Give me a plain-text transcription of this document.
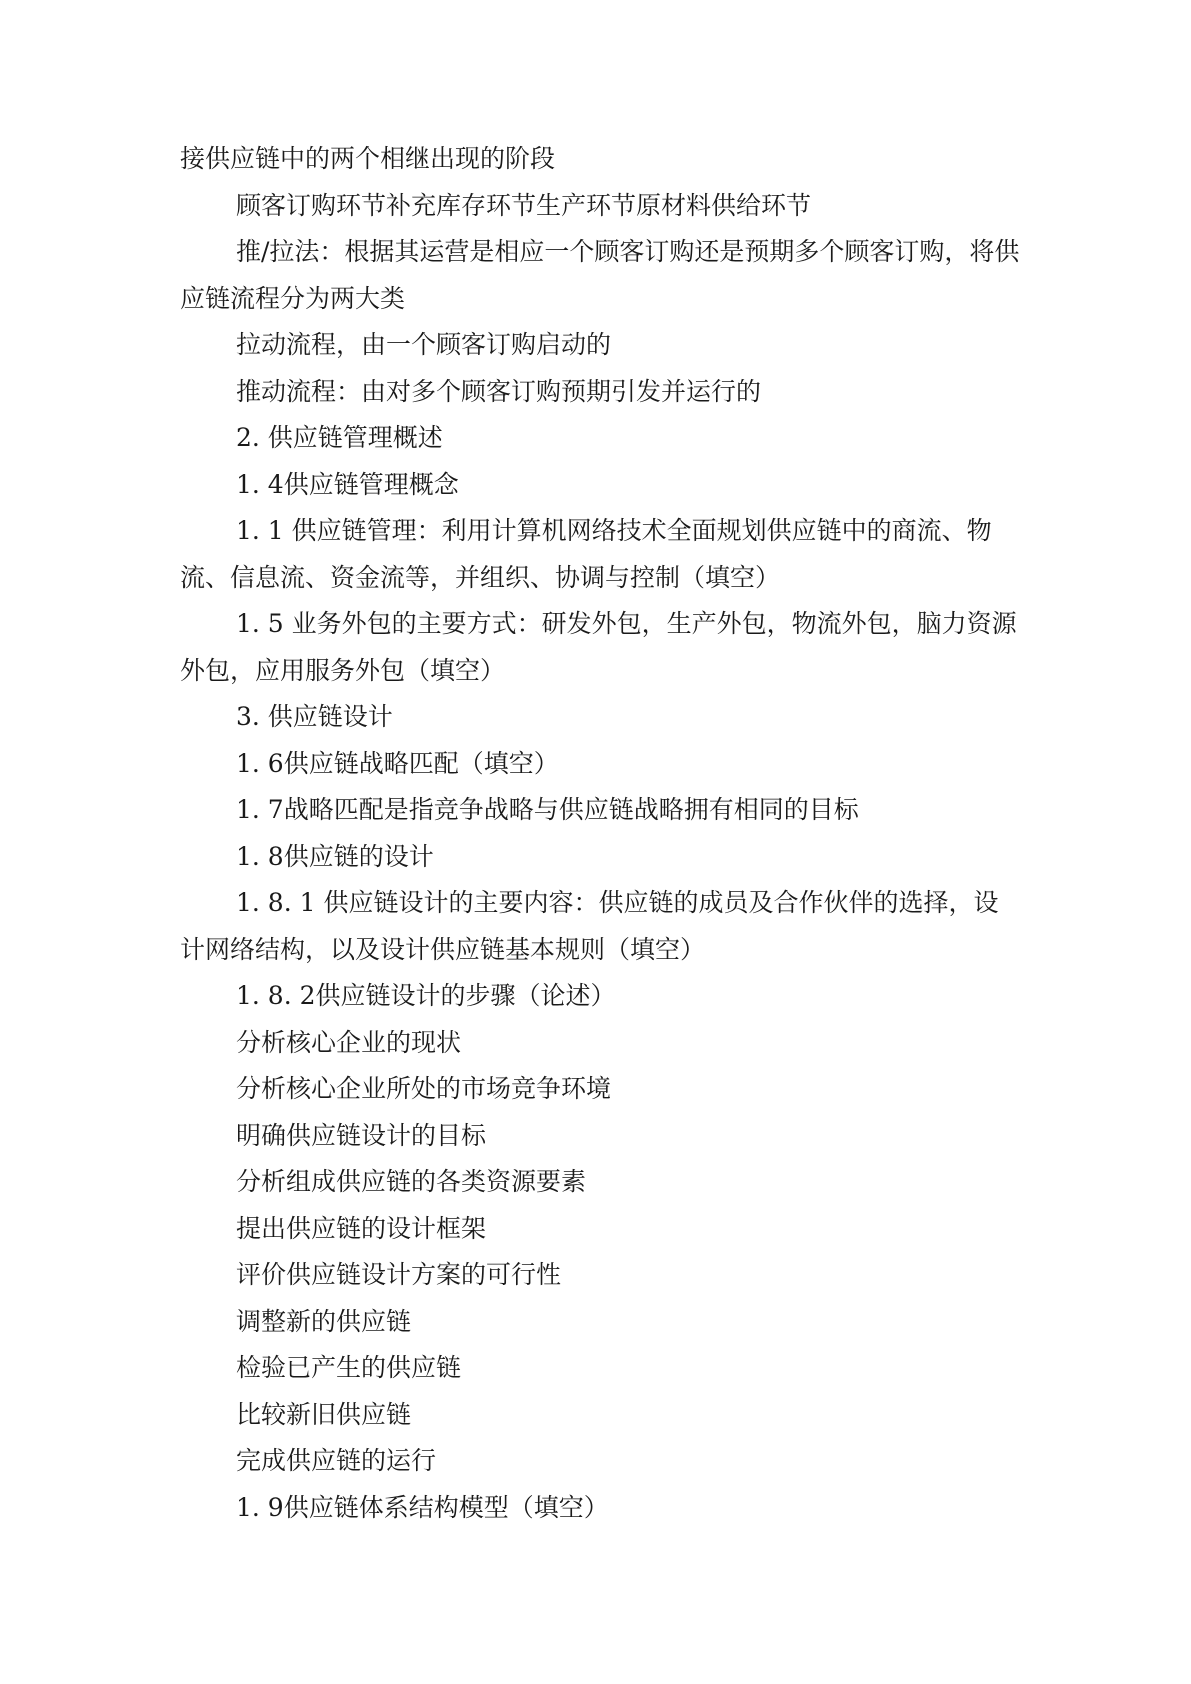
接供应链中的两个相继出现的阶段

顾客订购环节补充库存环节生产环节原材料供给环节

推/拉法：根据其运营是相应一个顾客订购还是预期多个顾客订购，将供应链流程分为两大类

拉动流程，由一个顾客订购启动的

推动流程：由对多个顾客订购预期引发并运行的

2. 供应链管理概述

1. 4供应链管理概念

1. 1 供应链管理：利用计算机网络技术全面规划供应链中的商流、物流、信息流、资金流等，并组织、协调与控制（填空）

1. 5 业务外包的主要方式：研发外包，生产外包，物流外包，脑力资源外包，应用服务外包（填空）

3. 供应链设计

1. 6供应链战略匹配（填空）

1. 7战略匹配是指竞争战略与供应链战略拥有相同的目标

1. 8供应链的设计

1. 8. 1 供应链设计的主要内容：供应链的成员及合作伙伴的选择，设计网络结构，以及设计供应链基本规则（填空）

1. 8. 2供应链设计的步骤（论述）

分析核心企业的现状

分析核心企业所处的市场竞争环境

明确供应链设计的目标

分析组成供应链的各类资源要素

提出供应链的设计框架

评价供应链设计方案的可行性

调整新的供应链

检验已产生的供应链

比较新旧供应链

完成供应链的运行

1. 9供应链体系结构模型（填空）
